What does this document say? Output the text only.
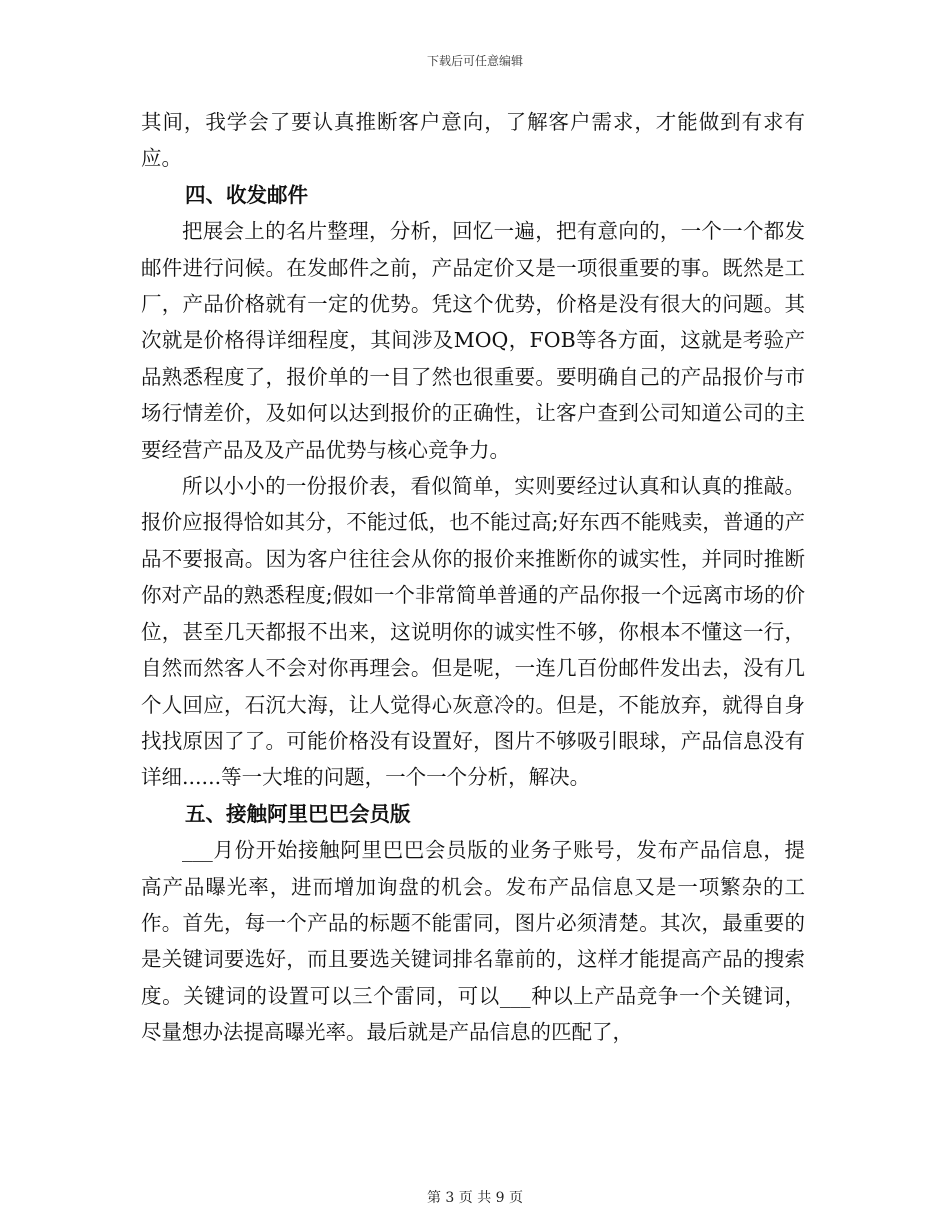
下载后可任意编辑

其间，我学会了要认真推断客户意向，了解客户需求，才能做到有求有应。

四、收发邮件

把展会上的名片整理，分析，回忆一遍，把有意向的，一个一个都发邮件进行问候。在发邮件之前，产品定价又是一项很重要的事。既然是工厂，产品价格就有一定的优势。凭这个优势，价格是没有很大的问题。其次就是价格得详细程度，其间涉及MOQ，FOB等各方面，这就是考验产品熟悉程度了，报价单的一目了然也很重要。要明确自己的产品报价与市场行情差价，及如何以达到报价的正确性，让客户查到公司知道公司的主要经营产品及及产品优势与核心竞争力。

所以小小的一份报价表，看似简单，实则要经过认真和认真的推敲。报价应报得恰如其分，不能过低，也不能过高;好东西不能贱卖，普通的产品不要报高。因为客户往往会从你的报价来推断你的诚实性，并同时推断你对产品的熟悉程度;假如一个非常简单普通的产品你报一个远离市场的价位，甚至几天都报不出来，这说明你的诚实性不够，你根本不懂这一行，自然而然客人不会对你再理会。但是呢，一连几百份邮件发出去，没有几个人回应，石沉大海，让人觉得心灰意冷的。但是，不能放弃，就得自身找找原因了了。可能价格没有设置好，图片不够吸引眼球，产品信息没有详细......等一大堆的问题，一个一个分析，解决。

五、接触阿里巴巴会员版

___月份开始接触阿里巴巴会员版的业务子账号，发布产品信息，提高产品曝光率，进而增加询盘的机会。发布产品信息又是一项繁杂的工作。首先，每一个产品的标题不能雷同，图片必须清楚。其次，最重要的是关键词要选好，而且要选关键词排名靠前的，这样才能提高产品的搜索度。关键词的设置可以三个雷同，可以___种以上产品竞争一个关键词，尽量想办法提高曝光率。最后就是产品信息的匹配了，

第 3 页 共 9 页
